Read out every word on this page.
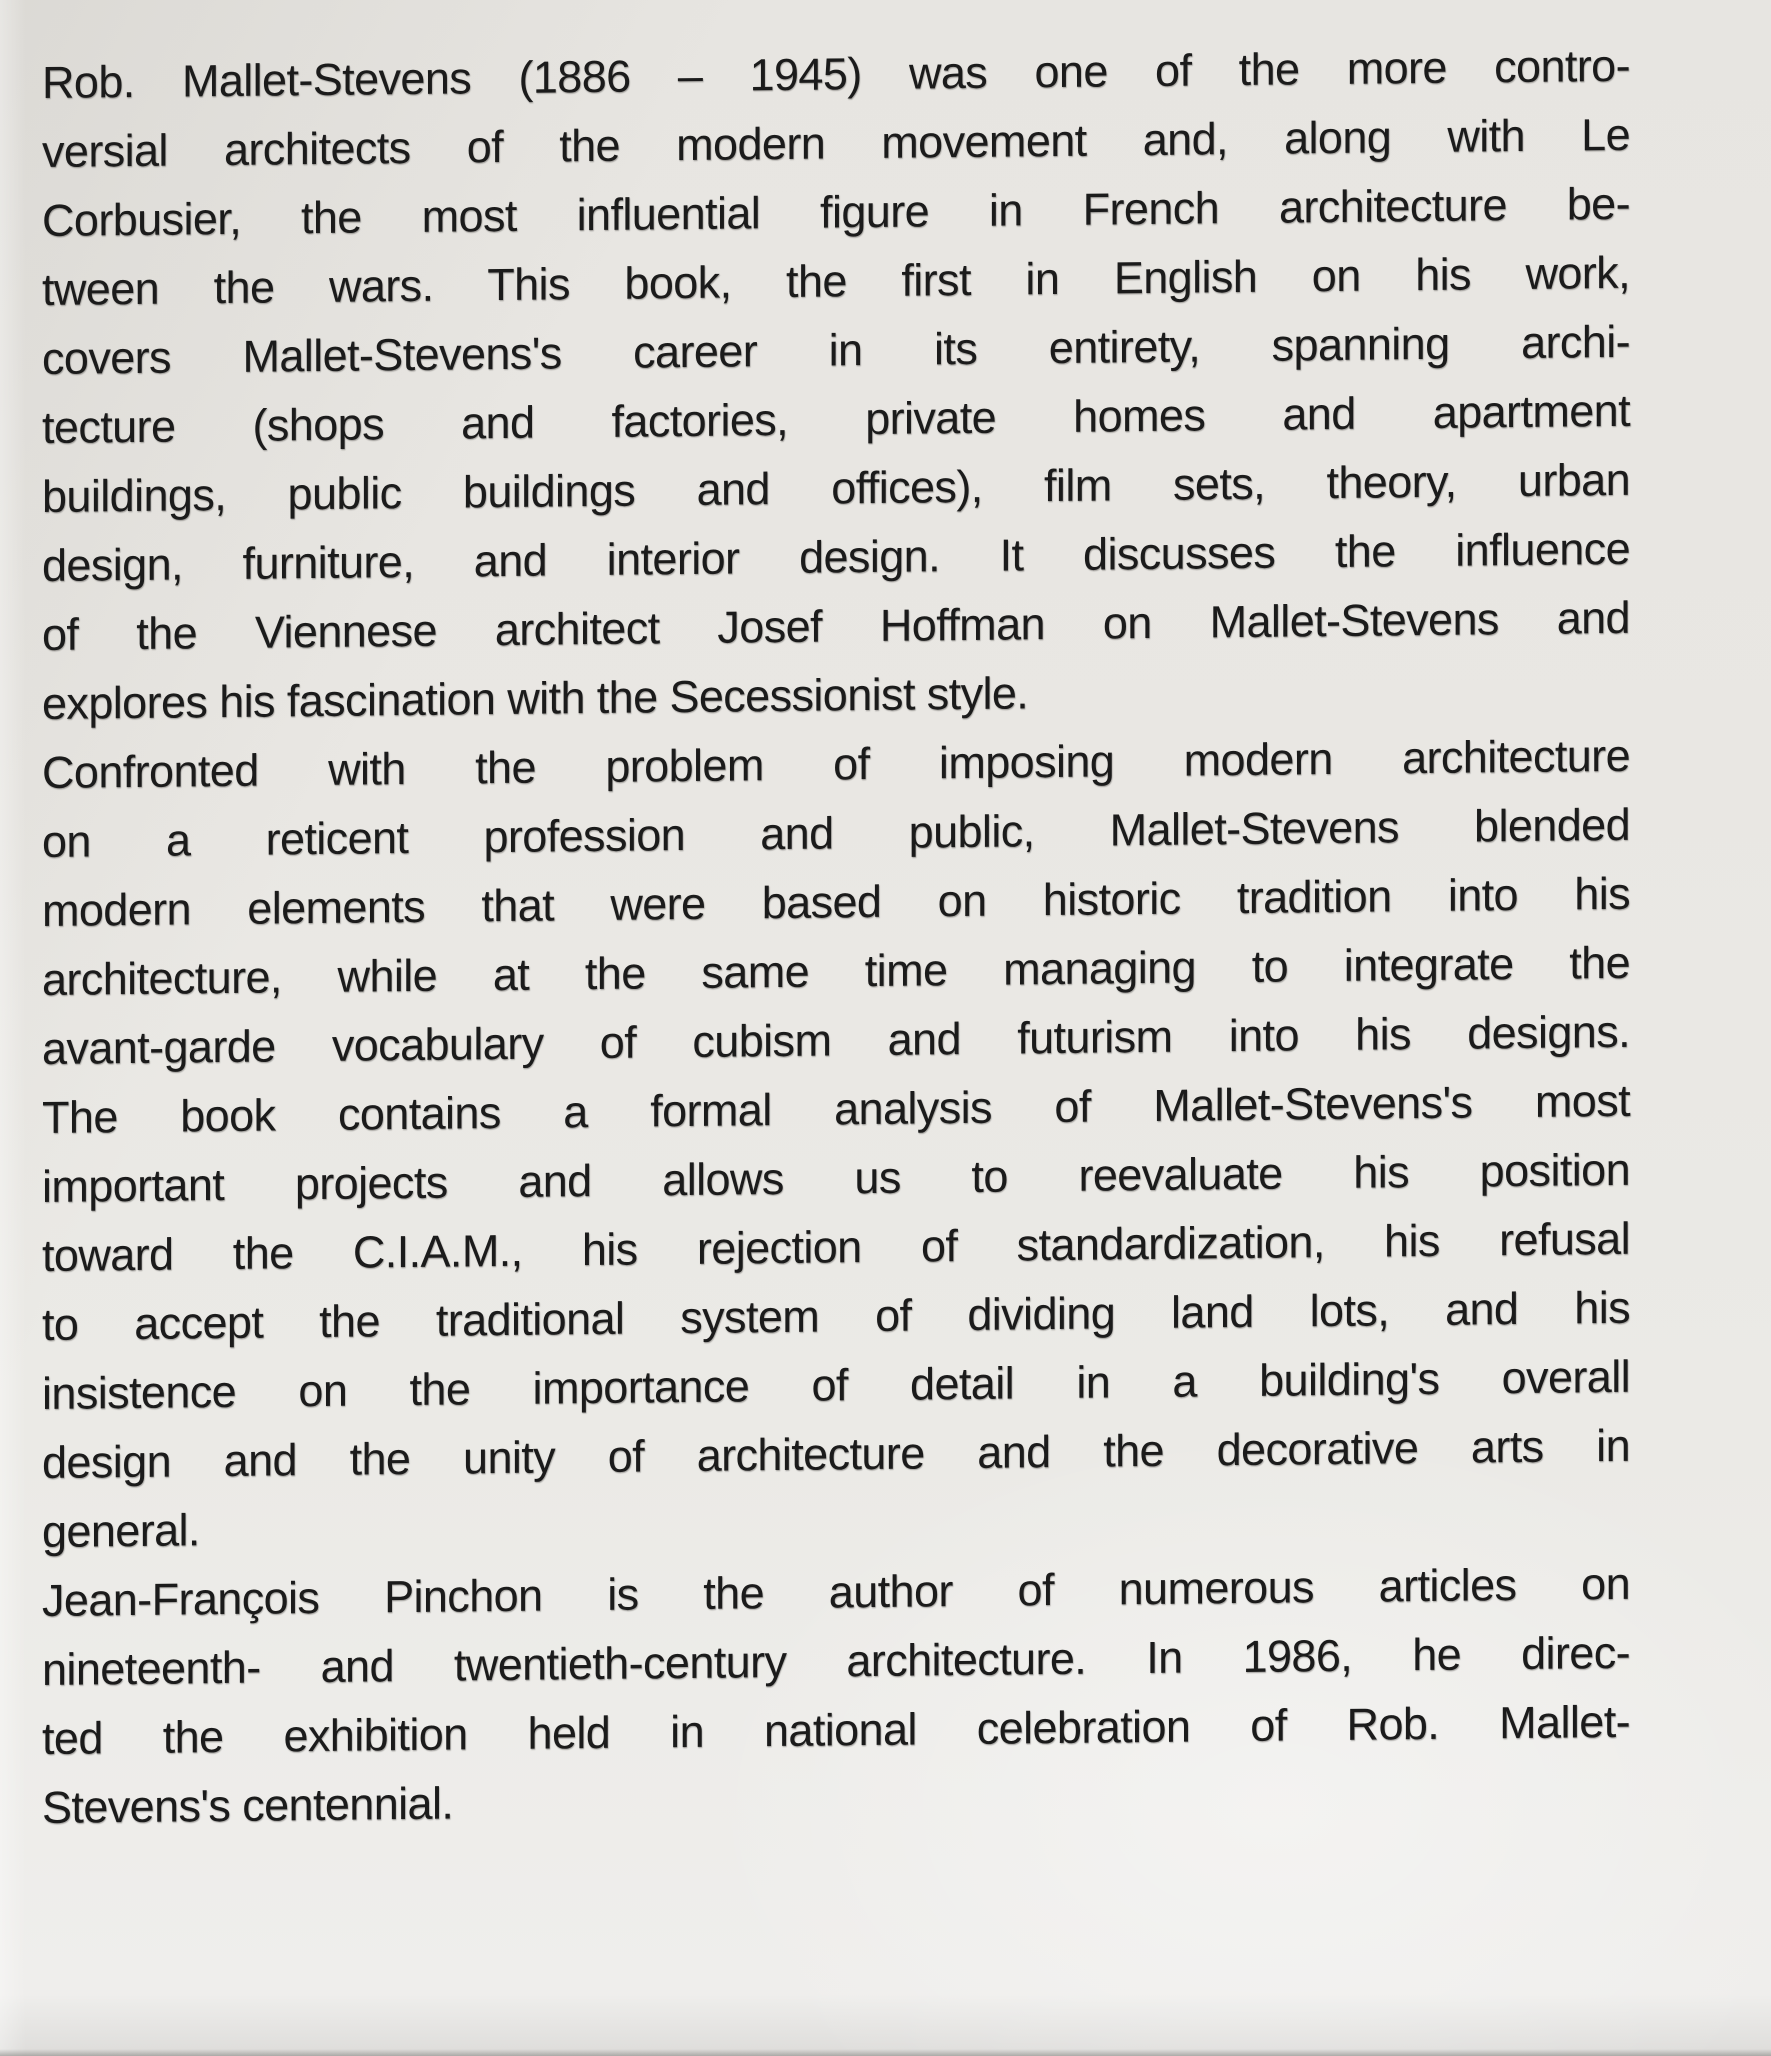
Rob. Mallet-Stevens (1886 – 1945) was one of the more contro-
versial architects of the modern movement and, along with Le
Corbusier, the most influential figure in French architecture be-
tween the wars. This book, the first in English on his work,
covers Mallet-Stevens's career in its entirety, spanning archi-
tecture (shops and factories, private homes and apartment
buildings, public buildings and offices), film sets, theory, urban
design, furniture, and interior design. It discusses the influence
of the Viennese architect Josef Hoffman on Mallet-Stevens and
explores his fascination with the Secessionist style.
Confronted with the problem of imposing modern architecture
on a reticent profession and public, Mallet-Stevens blended
modern elements that were based on historic tradition into his
architecture, while at the same time managing to integrate the
avant-garde vocabulary of cubism and futurism into his designs.
The book contains a formal analysis of Mallet-Stevens's most
important projects and allows us to reevaluate his position
toward the C.I.A.M., his rejection of standardization, his refusal
to accept the traditional system of dividing land lots, and his
insistence on the importance of detail in a building's overall
design and the unity of architecture and the decorative arts in
general.
Jean-François Pinchon is the author of numerous articles on
nineteenth- and twentieth-century architecture. In 1986, he direc-
ted the exhibition held in national celebration of Rob. Mallet-
Stevens's centennial.
